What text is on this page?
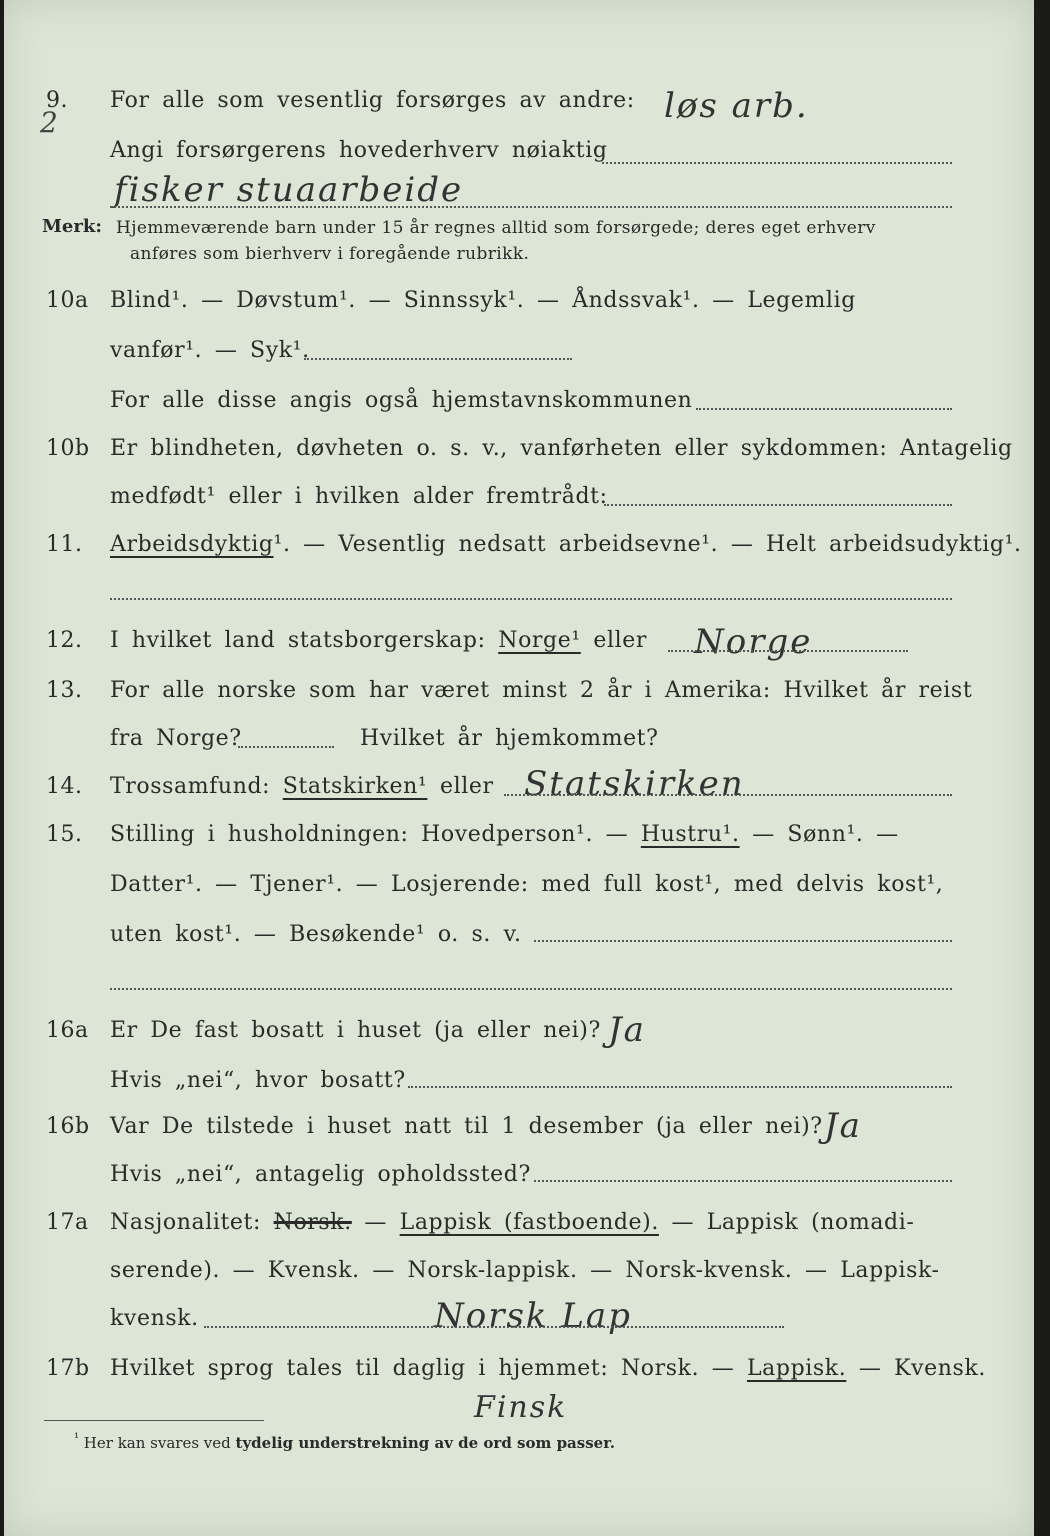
2
9. For alle som vesentlig forsørges av andre: løs arb.
Angi forsørgerens hovederhverv nøiaktig
fisker stuaarbeide
Merk: Hjemmeværende barn under 15 år regnes alltid som forsørgede; deres eget erhverv
anføres som bierhverv i foregående rubrikk.
10a Blind¹. — Døvstum¹. — Sinnssyk¹. — Åndssvak¹. — Legemlig
vanfør¹. — Syk¹.
For alle disse angis også hjemstavnskommunen
10b Er blindheten, døvheten o. s. v., vanførheten eller sykdommen: Antagelig
medfødt¹ eller i hvilken alder fremtrådt:
11. Arbeidsdyktig¹. — Vesentlig nedsatt arbeidsevne¹. — Helt arbeidsudyktig¹.
12. I hvilket land statsborgerskap: Norge¹ eller Norge
13. For alle norske som har været minst 2 år i Amerika: Hvilket år reist
fra Norge?	Hvilket år hjemkommet?
14. Trossamfund: Statskirken¹ eller Statskirken
15. Stilling i husholdningen: Hovedperson¹. — Hustru¹. — Sønn¹. —
Datter¹. — Tjener¹. — Losjerende: med full kost¹, med delvis kost¹,
uten kost¹. — Besøkende¹ o. s. v.
16a Er De fast bosatt i huset (ja eller nei)? Ja
Hvis „nei“, hvor bosatt?
16b Var De tilstede i huset natt til 1 desember (ja eller nei)? Ja
Hvis „nei“, antagelig opholdssted?
17a Nasjonalitet: Norsk. — Lappisk (fastboende). — Lappisk (nomadi-
serende). — Kvensk. — Norsk-lappisk. — Norsk-kvensk. — Lappisk-
kvensk.	Norsk Lap
17b Hvilket sprog tales til daglig i hjemmet: Norsk. — Lappisk. — Kvensk.
Finsk
$^{^1}$ Her kan svares ved tydelig understrekning av de ord som passer.
